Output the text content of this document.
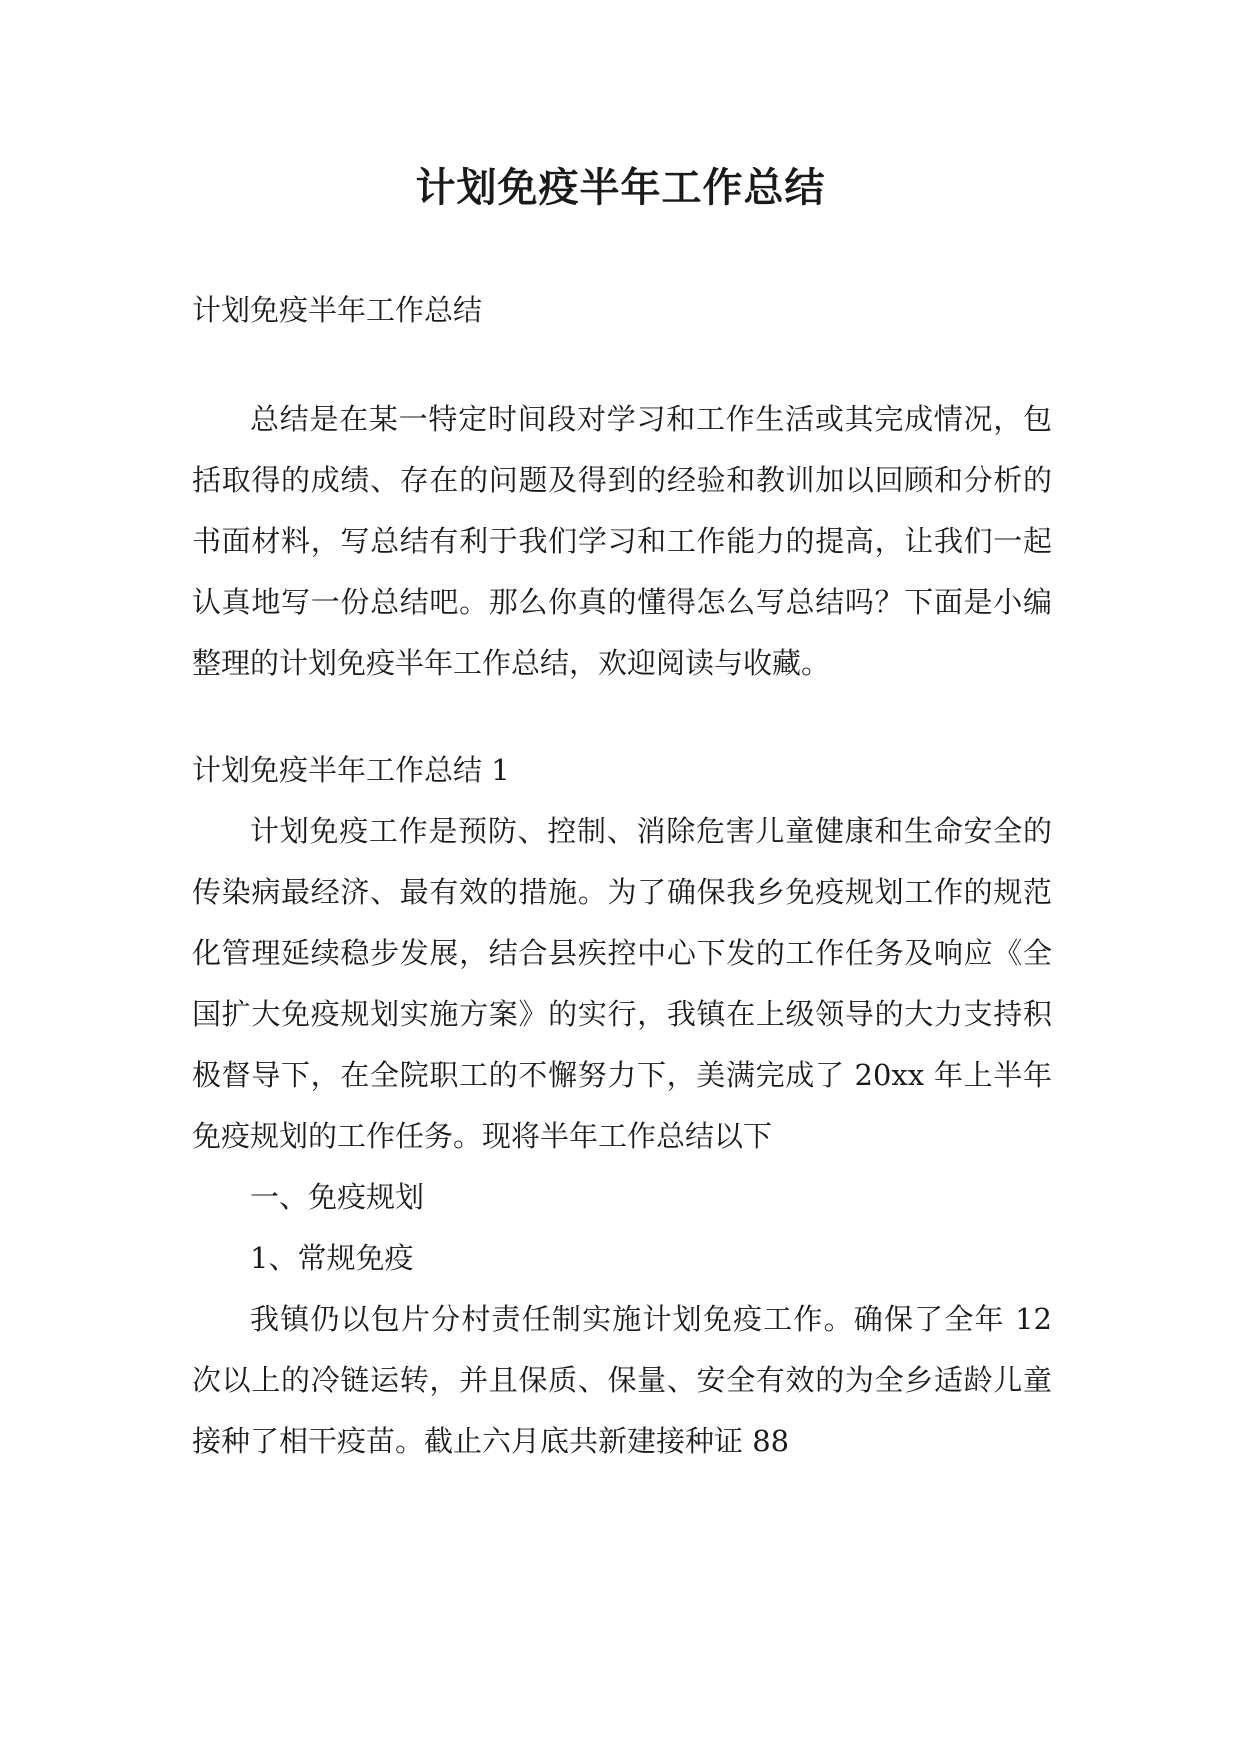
计划免疫半年工作总结

计划免疫半年工作总结

总结是在某一特定时间段对学习和工作生活或其完成情况，包括取得的成绩、存在的问题及得到的经验和教训加以回顾和分析的书面材料，写总结有利于我们学习和工作能力的提高，让我们一起认真地写一份总结吧。那么你真的懂得怎么写总结吗？下面是小编整理的计划免疫半年工作总结，欢迎阅读与收藏。

计划免疫半年工作总结 1

计划免疫工作是预防、控制、消除危害儿童健康和生命安全的传染病最经济、最有效的措施。为了确保我乡免疫规划工作的规范化管理延续稳步发展，结合县疾控中心下发的工作任务及响应《全国扩大免疫规划实施方案》的实行，我镇在上级领导的大力支持积极督导下，在全院职工的不懈努力下，美满完成了 20xx 年上半年免疫规划的工作任务。现将半年工作总结以下

一、免疫规划

1、常规免疫

我镇仍以包片分村责任制实施计划免疫工作。确保了全年 12 次以上的冷链运转，并且保质、保量、安全有效的为全乡适龄儿童接种了相干疫苗。截止六月底共新建接种证 88
